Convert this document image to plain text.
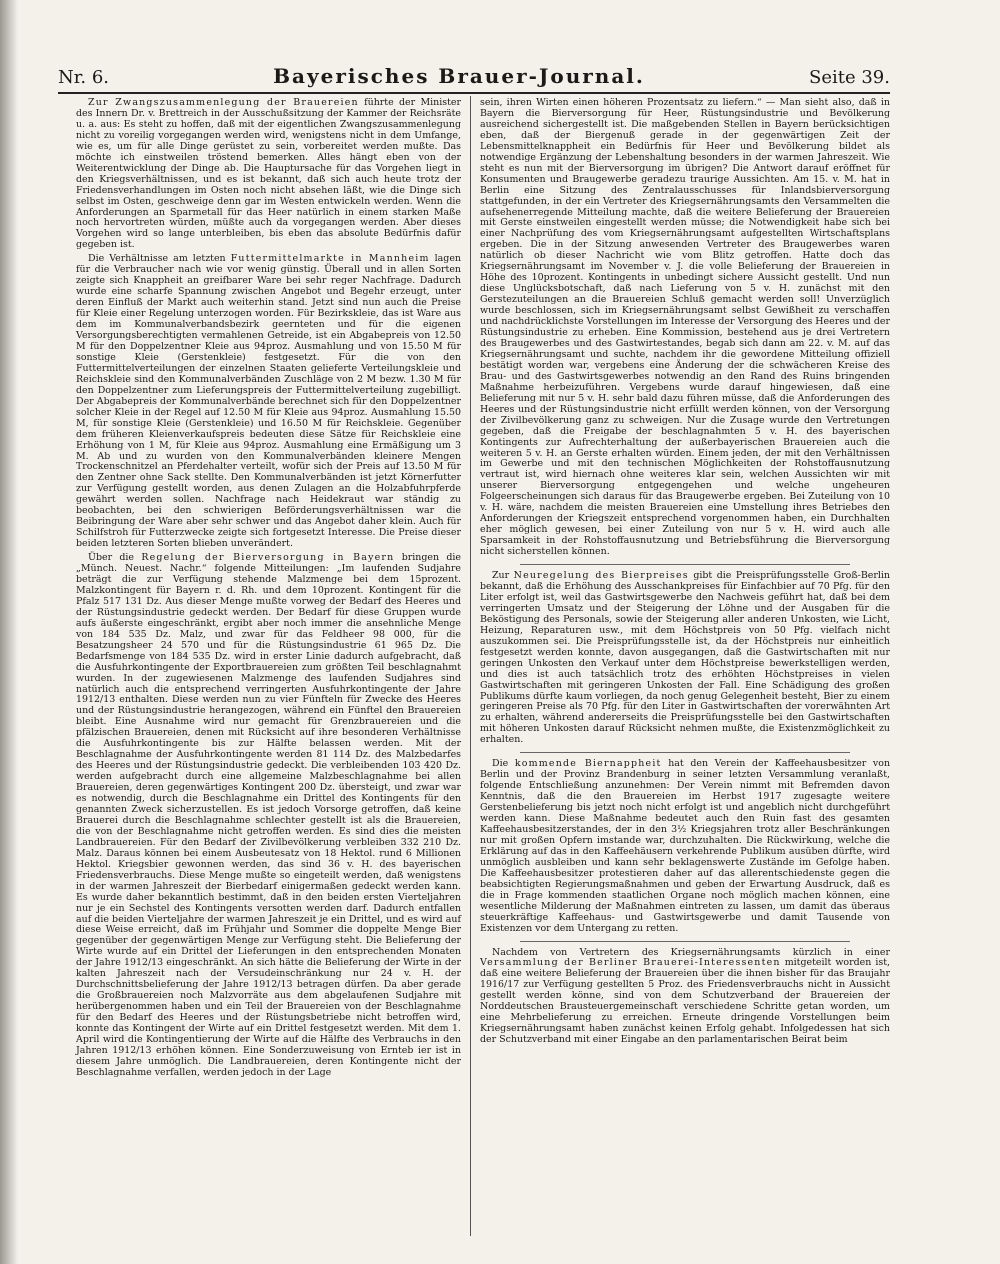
Nr. 6.	Bayerisches Brauer-Journal.	Seite 39.

Zur Zwangszusammenlegung der Brauereien führte der Minister des Innern Dr. v. Brettreich in der Ausschußsitzung der Kammer der Reichsräte u. a. aus: Es steht zu hoffen, daß mit der eigentlichen Zwangszusammenlegung nicht zu voreilig vorgegangen werden wird, wenigstens nicht in dem Umfange, wie es, um für alle Dinge gerüstet zu sein, vorbereitet werden mußte. Das möchte ich einstweilen tröstend bemerken. Alles hängt eben von der Weiterentwicklung der Dinge ab. Die Hauptursache für das Vorgehen liegt in den Kriegsverhältnissen, und es ist bekannt, daß sich auch heute trotz der Friedensverhandlungen im Osten noch nicht absehen läßt, wie die Dinge sich selbst im Osten, geschweige denn gar im Westen entwickeln werden. Wenn die Anforderungen an Sparmetall für das Heer natürlich in einem starken Maße noch hervortreten würden, müßte auch da vorgegangen werden. Aber dieses Vorgehen wird so lange unterbleiben, bis eben das absolute Bedürfnis dafür gegeben ist.

Die Verhältnisse am letzten Futtermittelmarkte in Mannheim lagen für die Verbraucher nach wie vor wenig günstig. Überall und in allen Sorten zeigte sich Knappheit an greifbarer Ware bei sehr reger Nachfrage. Dadurch wurde eine scharfe Spannung zwischen Angebot und Begehr erzeugt, unter deren Einfluß der Markt auch weiterhin stand. Jetzt sind nun auch die Preise für Kleie einer Regelung unterzogen worden. Für Bezirkskleie, das ist Ware aus dem im Kommunalverbandsbezirk geernteten und für die eigenen Versorgungsberechtigten vermahlenen Getreide, ist ein Abgabepreis von 12.50 M für den Doppelzentner Kleie aus 94proz. Ausmahlung und von 15.50 M für sonstige Kleie (Gerstenkleie) festgesetzt. Für die von den Futtermittelverteilungen der einzelnen Staaten gelieferte Verteilungskleie und Reichskleie sind den Kommunalverbänden Zuschläge von 2 M bezw. 1.30 M für den Doppelzentner zum Lieferungspreis der Futtermittelverteilung zugebilligt. Der Abgabepreis der Kommunalverbände berechnet sich für den Doppelzentner solcher Kleie in der Regel auf 12.50 M für Kleie aus 94proz. Ausmahlung 15.50 M, für sonstige Kleie (Gerstenkleie) und 16.50 M für Reichskleie. Gegenüber dem früheren Kleienverkaufspreis bedeuten diese Sätze für Reichskleie eine Erhöhung von 1 M, für Kleie aus 94proz. Ausmahlung eine Ermäßigung um 3 M. Ab und zu wurden von den Kommunalverbänden kleinere Mengen Trockenschnitzel an Pferdehalter verteilt, wofür sich der Preis auf 13.50 M für den Zentner ohne Sack stellte. Den Kommunalverbänden ist jetzt Körnerfutter zur Verfügung gestellt worden, aus denen Zulagen an die Holzabfuhrpferde gewährt werden sollen. Nachfrage nach Heidekraut war ständig zu beobachten, bei den schwierigen Beförderungsverhältnissen war die Beibringung der Ware aber sehr schwer und das Angebot daher klein. Auch für Schilfstroh für Futterzwecke zeigte sich fortgesetzt Interesse. Die Preise dieser beiden letzteren Sorten blieben unverändert.

Über die Regelung der Bierversorgung in Bayern bringen die „Münch. Neuest. Nachr.“ folgende Mitteilungen: „Im laufenden Sudjahre beträgt die zur Verfügung stehende Malzmenge bei dem 15prozent. Malzkontingent für Bayern r. d. Rh. und dem 10prozent. Kontingent für die Pfalz 517 131 Dz. Aus dieser Menge mußte vorweg der Bedarf des Heeres und der Rüstungsindustrie gedeckt werden. Der Bedarf für diese Gruppen wurde aufs äußerste eingeschränkt, ergibt aber noch immer die ansehnliche Menge von 184 535 Dz. Malz, und zwar für das Feldheer 98 000, für die Besatzungsheer 24 570 und für die Rüstungsindustrie 61 965 Dz. Die Bedarfsmenge von 184 535 Dz. wird in erster Linie dadurch aufgebracht, daß die Ausfuhrkontingente der Exportbrauereien zum größten Teil beschlagnahmt wurden. In der zugewiesenen Malzmenge des laufenden Sudjahres sind natürlich auch die entsprechend verringerten Ausfuhrkontingente der Jahre 1912/13 enthalten. Diese werden nun zu vier Fünfteln für Zwecke des Heeres und der Rüstungsindustrie herangezogen, während ein Fünftel den Brauereien bleibt. Eine Ausnahme wird nur gemacht für Grenzbrauereien und die pfälzischen Brauereien, denen mit Rücksicht auf ihre besonderen Verhältnisse die Ausfuhrkontingente bis zur Hälfte belassen werden. Mit der Beschlagnahme der Ausfuhrkontingente werden 81 114 Dz. des Malzbedarfes des Heeres und der Rüstungsindustrie gedeckt. Die verbleibenden 103 420 Dz. werden aufgebracht durch eine allgemeine Malzbeschlagnahme bei allen Brauereien, deren gegenwärtiges Kontingent 200 Dz. übersteigt, und zwar war es notwendig, durch die Beschlagnahme ein Drittel des Kontingents für den genannten Zweck sicherzustellen. Es ist jedoch Vorsorge getroffen, daß keine Brauerei durch die Beschlagnahme schlechter gestellt ist als die Brauereien, die von der Beschlagnahme nicht getroffen werden. Es sind dies die meisten Landbrauereien. Für den Bedarf der Zivilbevölkerung verbleiben 332 210 Dz. Malz. Daraus können bei einem Ausbeutesatz von 18 Hektol. rund 6 Millionen Hektol. Kriegsbier gewonnen werden, das sind 36 v. H. des bayerischen Friedensverbrauchs. Diese Menge mußte so eingeteilt werden, daß wenigstens in der warmen Jahreszeit der Bierbedarf einigermaßen gedeckt werden kann. Es wurde daher bekanntlich bestimmt, daß in den beiden ersten Vierteljahren nur je ein Sechstel des Kontingents versotten werden darf. Dadurch entfallen auf die beiden Vierteljahre der warmen Jahreszeit je ein Drittel, und es wird auf diese Weise erreicht, daß im Frühjahr und Sommer die doppelte Menge Bier gegenüber der gegenwärtigen Menge zur Verfügung steht. Die Belieferung der Wirte wurde auf ein Drittel der Lieferungen in den entsprechenden Monaten der Jahre 1912/13 eingeschränkt. An sich hätte die Belieferung der Wirte in der kalten Jahreszeit nach der Versudeinschränkung nur 24 v. H. der Durchschnittsbelieferung der Jahre 1912/13 betragen dürfen. Da aber gerade die Großbrauereien noch Malzvorräte aus dem abgelaufenen Sudjahre mit herübergenommen haben und ein Teil der Brauereien von der Beschlagnahme für den Bedarf des Heeres und der Rüstungsbetriebe nicht betroffen wird, konnte das Kontingent der Wirte auf ein Drittel festgesetzt werden. Mit dem 1. April wird die Kontingentierung der Wirte auf die Hälfte des Verbrauchs in den Jahren 1912/13 erhöhen können. Eine Sonderzuweisung von Ernteb ier ist in diesem Jahre unmöglich. Die Landbrauereien, deren Kontingente nicht der Beschlagnahme verfallen, werden jedoch in der Lage

sein, ihren Wirten einen höheren Prozentsatz zu liefern.“ — Man sieht also, daß in Bayern die Bierversorgung für Heer, Rüstungsindustrie und Bevölkerung ausreichend sichergestellt ist. Die maßgebenden Stellen in Bayern berücksichtigen eben, daß der Biergenuß gerade in der gegenwärtigen Zeit der Lebensmittelknappheit ein Bedürfnis für Heer und Bevölkerung bildet als notwendige Ergänzung der Lebenshaltung besonders in der warmen Jahreszeit. Wie steht es nun mit der Bierversorgung im übrigen? Die Antwort darauf eröffnet für Konsumenten und Braugewerbe geradezu traurige Aussichten. Am 15. v. M. hat in Berlin eine Sitzung des Zentralausschusses für Inlandsbierversorgung stattgefunden, in der ein Vertreter des Kriegsernährungsamts den Versammelten die aufsehenerregende Mitteilung machte, daß die weitere Belieferung der Brauereien mit Gerste einstweilen eingestellt werden müsse; die Notwendigkeit habe sich bei einer Nachprüfung des vom Kriegsernährungsamt aufgestellten Wirtschaftsplans ergeben. Die in der Sitzung anwesenden Vertreter des Braugewerbes waren natürlich ob dieser Nachricht wie vom Blitz getroffen. Hatte doch das Kriegsernährungsamt im November v. J. die volle Belieferung der Brauereien in Höhe des 10prozent. Kontingents in unbedingt sichere Aussicht gestellt. Und nun diese Unglücksbotschaft, daß nach Lieferung von 5 v. H. zunächst mit den Gerstezuteilungen an die Brauereien Schluß gemacht werden soll! Unverzüglich wurde beschlossen, sich im Kriegsernährungsamt selbst Gewißheit zu verschaffen und nachdrücklichste Vorstellungen im Interesse der Versorgung des Heeres und der Rüstungsindustrie zu erheben. Eine Kommission, bestehend aus je drei Vertretern des Braugewerbes und des Gastwirtestandes, begab sich dann am 22. v. M. auf das Kriegsernährungsamt und suchte, nachdem ihr die gewordene Mitteilung offiziell bestätigt worden war, vergebens eine Änderung der die schwächeren Kreise des Brau- und des Gastwirtsgewerbes notwendig an den Rand des Ruins bringenden Maßnahme herbeizuführen. Vergebens wurde darauf hingewiesen, daß eine Belieferung mit nur 5 v. H. sehr bald dazu führen müsse, daß die Anforderungen des Heeres und der Rüstungsindustrie nicht erfüllt werden können, von der Versorgung der Zivilbevölkerung ganz zu schweigen. Nur die Zusage wurde den Vertretungen gegeben, daß die Freigabe der beschlagnahmten 5 v. H. des bayerischen Kontingents zur Aufrechterhaltung der außerbayerischen Brauereien auch die weiteren 5 v. H. an Gerste erhalten würden. Einem jeden, der mit den Verhältnissen im Gewerbe und mit den technischen Möglichkeiten der Rohstoffausnutzung vertraut ist, wird hiernach ohne weiteres klar sein, welchen Aussichten wir mit unserer Bierversorgung entgegengehen und welche ungeheuren Folgeerscheinungen sich daraus für das Braugewerbe ergeben. Bei Zuteilung von 10 v. H. wäre, nachdem die meisten Brauereien eine Umstellung ihres Betriebes den Anforderungen der Kriegszeit entsprechend vorgenommen haben, ein Durchhalten eher möglich gewesen, bei einer Zuteilung von nur 5 v. H. wird auch alle Sparsamkeit in der Rohstoffausnutzung und Betriebsführung die Bierversorgung nicht sicherstellen können.

Zur Neuregelung des Bierpreises gibt die Preisprüfungsstelle Groß-Berlin bekannt, daß die Erhöhung des Ausschankpreises für Einfachbier auf 70 Pfg. für den Liter erfolgt ist, weil das Gastwirtsgewerbe den Nachweis geführt hat, daß bei dem verringerten Umsatz und der Steigerung der Löhne und der Ausgaben für die Beköstigung des Personals, sowie der Steigerung aller anderen Unkosten, wie Licht, Heizung, Reparaturen usw., mit dem Höchstpreis von 50 Pfg. vielfach nicht auszukommen sei. Die Preisprüfungsstelle ist, da der Höchstpreis nur einheitlich festgesetzt werden konnte, davon ausgegangen, daß die Gastwirtschaften mit nur geringen Unkosten den Verkauf unter dem Höchstpreise bewerkstelligen werden, und dies ist auch tatsächlich trotz des erhöhten Höchstpreises in vielen Gastwirtschaften mit geringeren Unkosten der Fall. Eine Schädigung des großen Publikums dürfte kaum vorliegen, da noch genug Gelegenheit besteht, Bier zu einem geringeren Preise als 70 Pfg. für den Liter in Gastwirtschaften der vorerwähnten Art zu erhalten, während andererseits die Preisprüfungsstelle bei den Gastwirtschaften mit höheren Unkosten darauf Rücksicht nehmen mußte, die Existenzmöglichkeit zu erhalten.

Die kommende Biernappheit hat den Verein der Kaffeehausbesitzer von Berlin und der Provinz Brandenburg in seiner letzten Versammlung veranlaßt, folgende Entschließung anzunehmen: Der Verein nimmt mit Befremden davon Kenntnis, daß die den Brauereien im Herbst 1917 zugesagte weitere Gerstenbelieferung bis jetzt noch nicht erfolgt ist und angeblich nicht durchgeführt werden kann. Diese Maßnahme bedeutet auch den Ruin fast des gesamten Kaffeehausbesitzerstandes, der in den 3½ Kriegsjahren trotz aller Beschränkungen nur mit großen Opfern imstande war, durchzuhalten. Die Rückwirkung, welche die Erklärung auf das in den Kaffeehäusern verkehrende Publikum ausüben dürfte, wird unmöglich ausbleiben und kann sehr beklagenswerte Zustände im Gefolge haben. Die Kaffeehausbesitzer protestieren daher auf das allerentschiedenste gegen die beabsichtigten Regierungsmaßnahmen und geben der Erwartung Ausdruck, daß es die in Frage kommenden staatlichen Organe noch möglich machen können, eine wesentliche Milderung der Maßnahmen eintreten zu lassen, um damit das überaus steuerkräftige Kaffeehaus- und Gastwirtsgewerbe und damit Tausende von Existenzen vor dem Untergang zu retten.

Nachdem von Vertretern des Kriegsernährungsamts kürzlich in einer Versammlung der Berliner Brauerei-Interessenten mitgeteilt worden ist, daß eine weitere Belieferung der Brauereien über die ihnen bisher für das Braujahr 1916/17 zur Verfügung gestellten 5 Proz. des Friedensverbrauchs nicht in Aussicht gestellt werden könne, sind von dem Schutzverband der Brauereien der Norddeutschen Brausteuergemeinschaft verschiedene Schritte getan worden, um eine Mehrbelieferung zu erreichen. Erneute dringende Vorstellungen beim Kriegsernährungsamt haben zunächst keinen Erfolg gehabt. Infolgedessen hat sich der Schutzverband mit einer Eingabe an den parlamentarischen Beirat beim
